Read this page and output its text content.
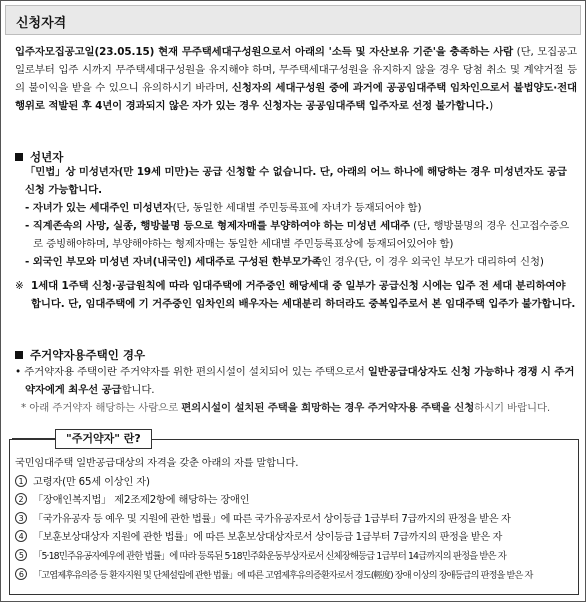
신청자격

입주자모집공고일(23.05.15) 현재 무주택세대구성원으로서 아래의 '소득 및 자산보유 기준'을 충족하는 사람 (단, 모집공고일로부터 입주 시까지 무주택세대구성원을 유지해야 하며, 무주택세대구성원을 유지하지 않을 경우 당첨 취소 및 계약거절 등의 불이익을 받을 수 있으니 유의하시기 바라며, 신청자의 세대구성원 중에 과거에 공공임대주택 임차인으로서 불법양도·전대 행위로 적발된 후 4년이 경과되지 않은 자가 있는 경우 신청자는 공공임대주택 입주자로 선정 불가합니다.)

성년자

「민법」상 미성년자(만 19세 미만)는 공급 신청할 수 없습니다. 단, 아래의 어느 하나에 해당하는 경우 미성년자도 공급 신청 가능합니다.

- 자녀가 있는 세대주인 미성년자(단, 동일한 세대별 주민등록표에 자녀가 등재되어야 함)

- 직계존속의 사망, 실종, 행방불명 등으로 형제자매를 부양하여야 하는 미성년 세대주 (단, 행방불명의 경우 신고접수증으로 증빙해야하며, 부양해야하는 형제자매는 동일한 세대별 주민등록표상에 등재되어있어야 함)

- 외국인 부모와 미성년 자녀(내국인) 세대주로 구성된 한부모가족인 경우(단, 이 경우 외국인 부모가 대리하여 신청)

※ 1세대 1주택 신청·공급원칙에 따라 임대주택에 거주중인 해당세대 중 일부가 공급신청 시에는 입주 전 세대 분리하여야 합니다. 단, 임대주택에 기 거주중인 임차인의 배우자는 세대분리 하더라도 중복입주로서 본 임대주택 입주가 불가합니다.
주거약자용주택인 경우

• 주거약자용 주택이란 주거약자를 위한 편의시설이 설치되어 있는 주택으로서 일반공급대상자도 신청 가능하나 경쟁 시 주거약자에게 최우선 공급합니다.

* 아래 주거약자 해당하는 사람으로 편의시설이 설치된 주택을 희망하는 경우 주거약자용 주택을 신청하시기 바랍니다.

"주거약자" 란?

국민임대주택 일반공급대상의 자격을 갖춘 아래의 자를 말합니다.

1 고령자(만 65세 이상인 자)

2 「장애인복지법」 제2조제2항에 해당하는 장애인

3 「국가유공자 등 예우 및 지원에 관한 법률」에 따른 국가유공자로서 상이등급 1급부터 7급까지의 판정을 받은 자

4 「보훈보상대상자 지원에 관한 법률」에 따른 보훈보상대상자로서 상이등급 1급부터 7급까지의 판정을 받은 자

5 「5·18민주유공자예우에 관한 법률」에 따라 등록된 5·18민주화운동부상자로서 신체장해등급 1급부터 14급까지의 판정을 받은 자

6 「고엽제후유의증 등 환자지원 및 단체설립에 관한 법률」에 따른 고엽제후유의증환자로서 경도(輕度) 장애 이상의 장애등급의 판정을 받은 자
